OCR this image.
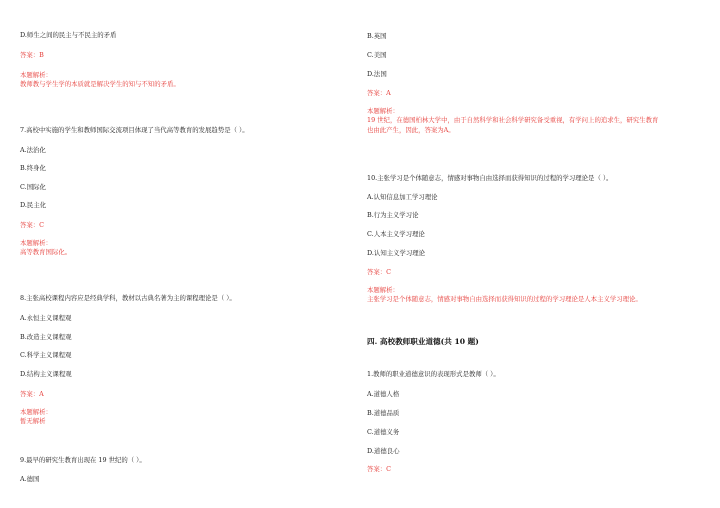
D.师生之间的民主与不民主的矛盾
答案：B
本题解析：
教师教与学生学的本质就是解决学生的知与不知的矛盾。
7.高校中实施的学生和教师国际交流项目体现了当代高等教育的发展趋势是（ ）。
A.法治化
B.终身化
C.国际化
D.民主化
答案：C
本题解析：
高等教育国际化。
8.主张高校课程内容应是经典学科，教材以古典名著为主的课程理论是（ ）。
A.永恒主义课程观
B.改造主义课程观
C.科学主义课程观
D.结构主义课程观
答案：A
本题解析：
暂无解析
9.最早的研究生教育出现在 19 世纪的（ ）。
A.德国
B.英国
C.美国
D.法国
答案：A
本题解析：
19 世纪，在德国柏林大学中，由于自然科学和社会科学研究备受重视，有学问上的追求生，研究生教育
也由此产生，因此，答案为A。
10.主张学习是个体随意志，情感对事物自由选择而获得知识的过程的学习理论是（ ）。
A.认知信息加工学习理论
B.行为主义学习论
C.人本主义学习理论
D.认知主义学习理论
答案：C
本题解析：
主张学习是个体随意志，情感对事物自由选择而获得知识的过程的学习理论是人本主义学习理论。
四. 高校教师职业道德(共 10 题)
1.教师的职业道德意识的表现形式是教师（ ）。
A.道德人格
B.道德品质
C.道德义务
D.道德良心
答案：C
